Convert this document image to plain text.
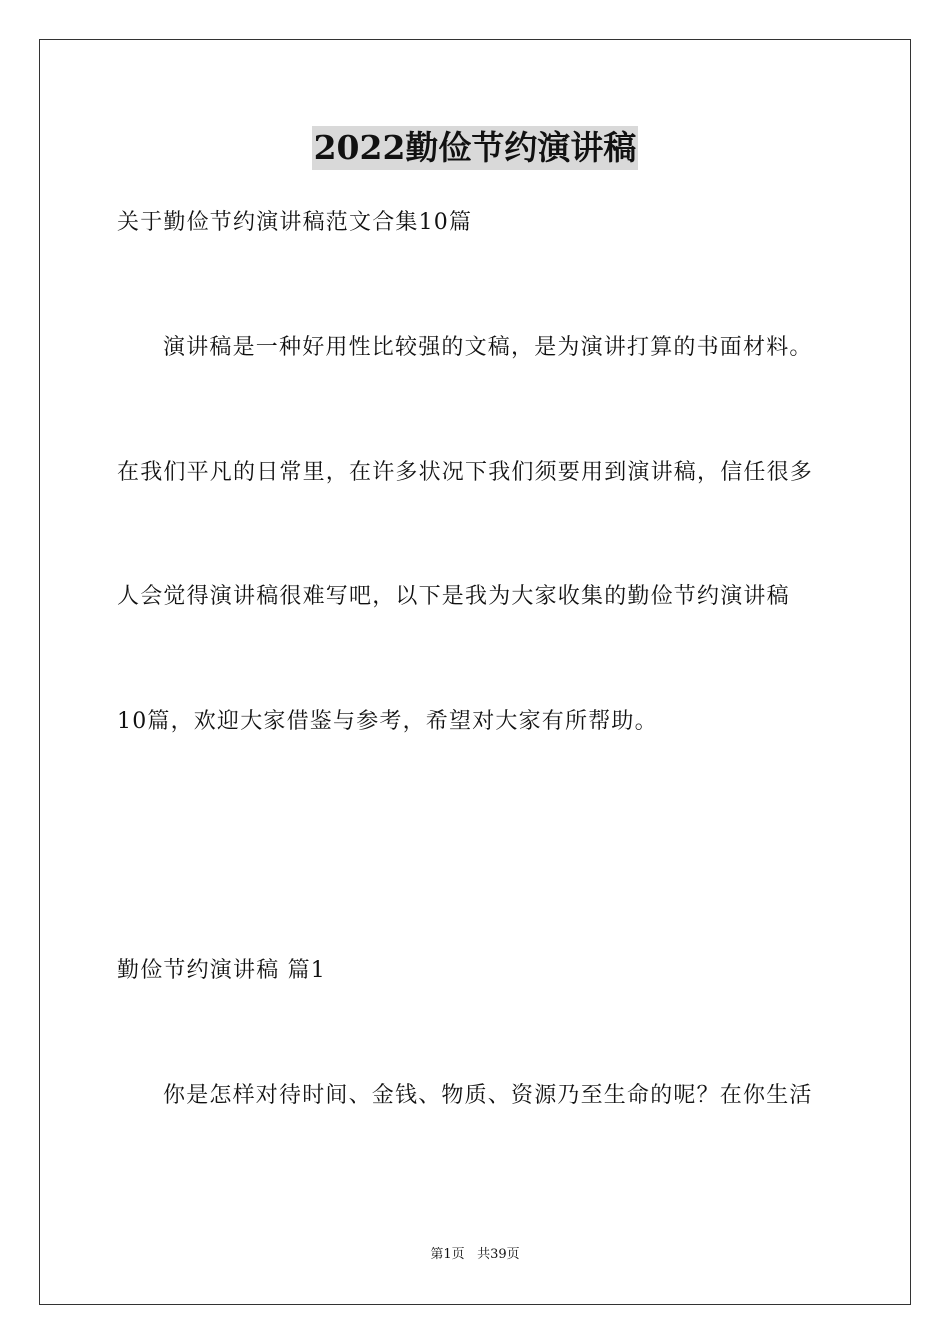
2022勤俭节约演讲稿
关于勤俭节约演讲稿范文合集10篇
演讲稿是一种好用性比较强的文稿，是为演讲打算的书面材料。
在我们平凡的日常里，在许多状况下我们须要用到演讲稿，信任很多
人会觉得演讲稿很难写吧，以下是我为大家收集的勤俭节约演讲稿
10篇，欢迎大家借鉴与参考，希望对大家有所帮助。
勤俭节约演讲稿 篇1
你是怎样对待时间、金钱、物质、资源乃至生命的呢？在你生活
第1页 共39页
